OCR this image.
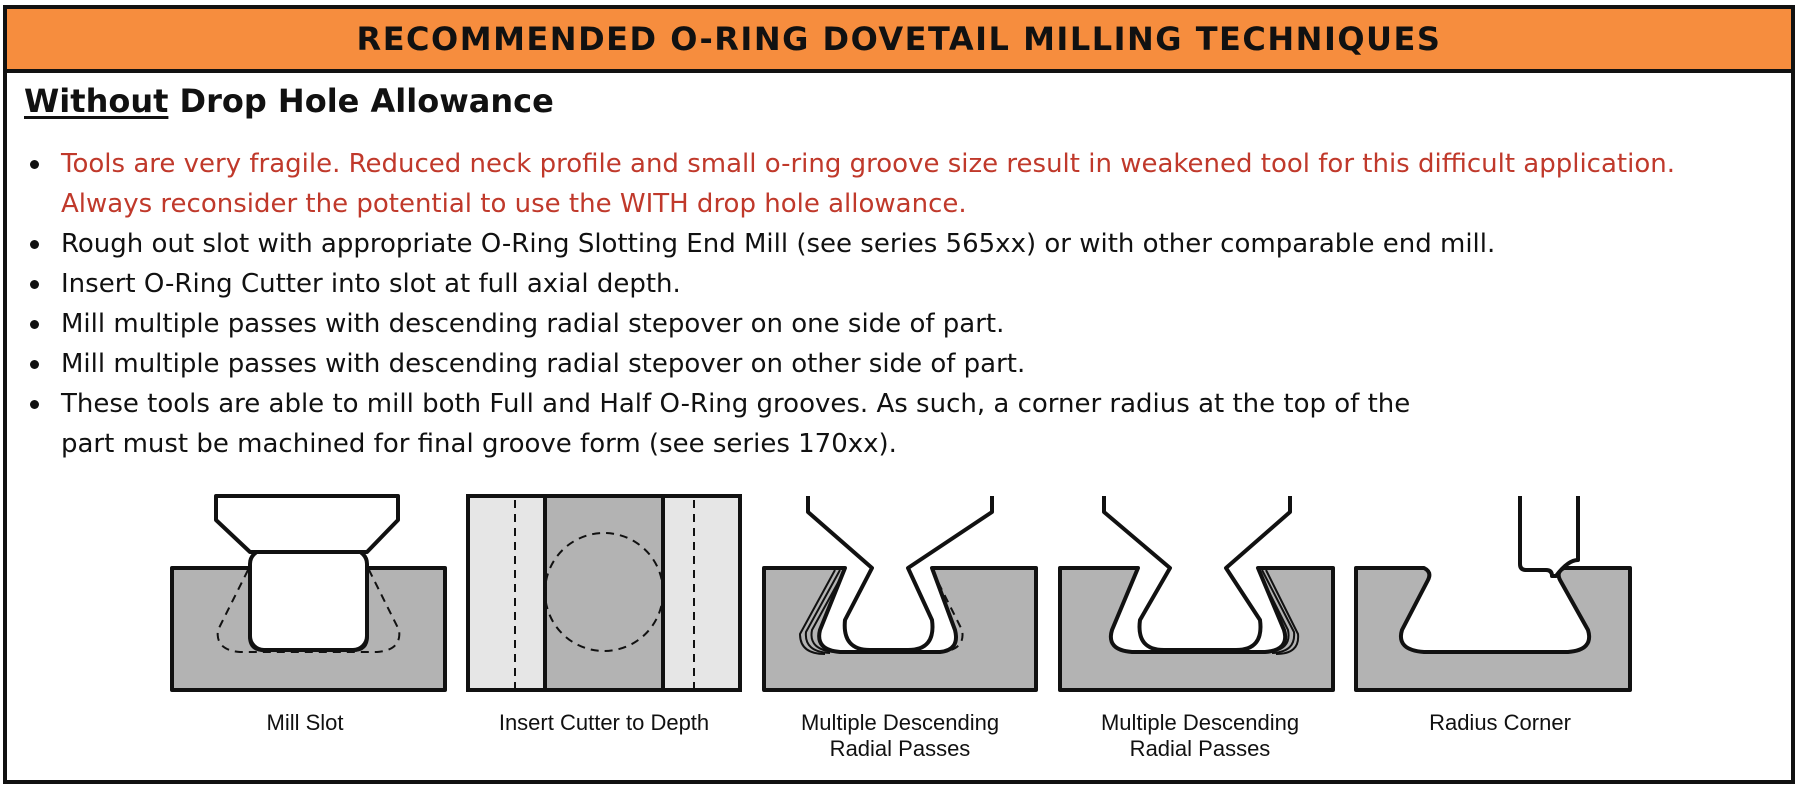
RECOMMENDED O-RING DOVETAIL MILLING TECHNIQUES
Without Drop Hole Allowance
Tools are very fragile. Reduced neck profile and small o-ring groove size result in weakened tool for this difficult application.
Always reconsider the potential to use the WITH drop hole allowance.
Rough out slot with appropriate O-Ring Slotting End Mill (see series 565xx) or with other comparable end mill.
Insert O-Ring Cutter into slot at full axial depth.
Mill multiple passes with descending radial stepover on one side of part.
Mill multiple passes with descending radial stepover on other side of part.
These tools are able to mill both Full and Half O-Ring grooves. As such, a corner radius at the top of the
part must be machined for final groove form (see series 170xx).
Mill Slot	Insert Cutter to Depth	Multiple Descending
Radial Passes
Multiple Descending
Radial Passes
Radius Corner
